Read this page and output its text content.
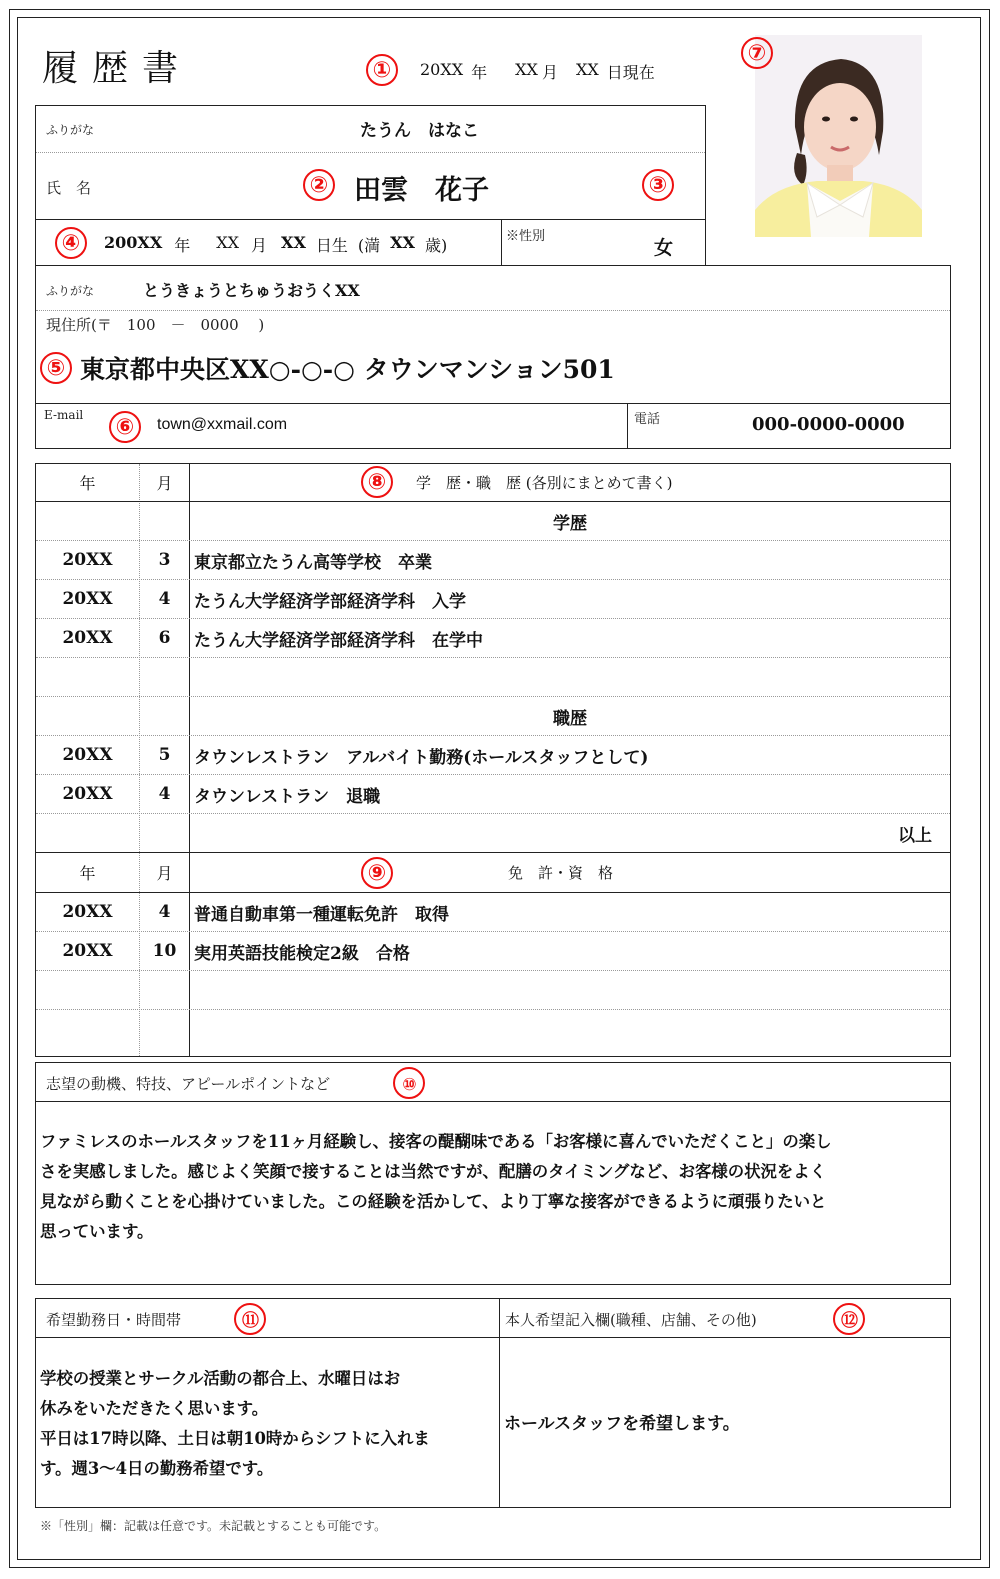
履歴書	①	20XX 年 XX 月 XX 日現在
⑦
ふりがな	たうん　はなこ
氏　名	② 田雲　花子	③
④	200XX 年 XX 月 XX 日生 (満 XX 歳)	※性別
女
ふりがな	とうきょうとちゅうおうくXX
現住所(〒　100　－　0000　 )
⑤ 東京都中央区XX○-○-○ タウンマンション501
E-mail	⑥	town@xxmail.com	電話	000-0000-0000
年	月	⑧	学　歴・職　歴 (各別にまとめて書く)
学歴
20XX	3	東京都立たうん高等学校　卒業
20XX	4	たうん大学経済学部経済学科　入学
20XX	6	たうん大学経済学部経済学科　在学中
職歴
20XX	5	タウンレストラン　アルバイト勤務(ホールスタッフとして)
20XX	4	タウンレストラン　退職
以上
年	月	⑨	免　許・資　格
20XX	4	普通自動車第一種運転免許　取得
20XX	10	実用英語技能検定2級　合格
志望の動機、特技、アピールポイントなど	⑩
ファミレスのホールスタッフを11ヶ月経験し、接客の醍醐味である「お客様に喜んでいただくこと」の楽し
さを実感しました。感じよく笑顔で接することは当然ですが、配膳のタイミングなど、お客様の状況をよく
見ながら動くことを心掛けていました。この経験を活かして、より丁寧な接客ができるように頑張りたいと
思っています。
希望勤務日・時間帯	⑪
学校の授業とサークル活動の都合上、水曜日はお
休みをいただきたく思います。
平日は17時以降、土日は朝10時からシフトに入れま
す。週3～4日の勤務希望です。
本人希望記入欄(職種、店舗、その他)	⑫
ホールスタッフを希望します。
※「性別」欄：記載は任意です。未記載とすることも可能です。
